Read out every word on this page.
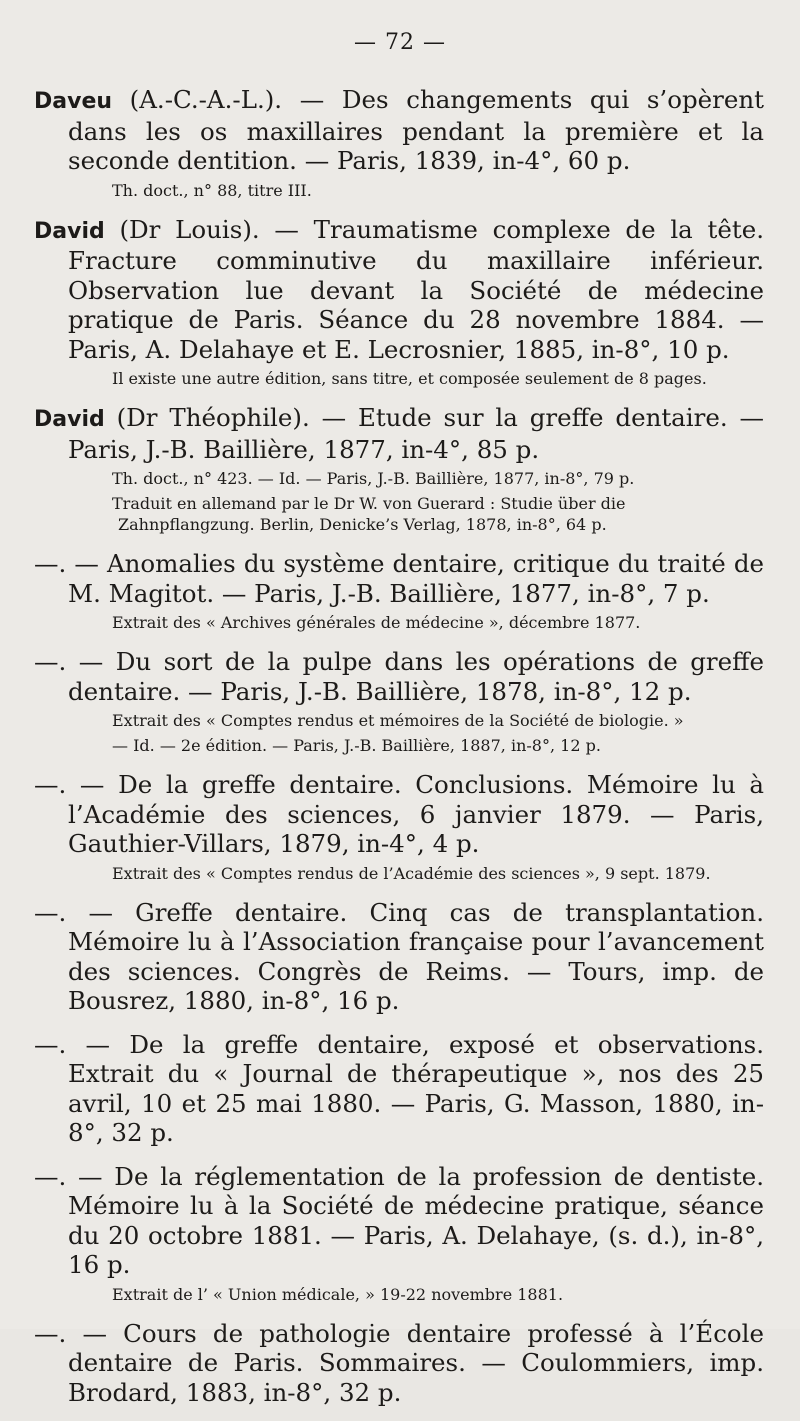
— 72 —

Daveu (A.-C.-A.-L.). — Des changements qui s’opèrent dans les os maxillaires pendant la première et la seconde dentition. — Paris, 1839, in-4°, 60 p.

Th. doct., n° 88, titre III.

David (Dr Louis). — Traumatisme complexe de la tête. Fracture comminutive du maxillaire inférieur. Observation lue devant la Société de médecine pratique de Paris. Séance du 28 novembre 1884. — Paris, A. Delahaye et E. Lecrosnier, 1885, in-8°, 10 p.

Il existe une autre édition, sans titre, et composée seulement de 8 pages.

David (Dr Théophile). — Etude sur la greffe dentaire. — Paris, J.-B. Baillière, 1877, in-4°, 85 p.

Th. doct., n° 423. — Id. — Paris, J.-B. Baillière, 1877, in-8°, 79 p.

Traduit en allemand par le Dr W. von Guerard : Studie über die Zahnpflangzung. Berlin, Denicke’s Verlag, 1878, in-8°, 64 p.

—. — Anomalies du système dentaire, critique du traité de M. Magitot. — Paris, J.-B. Baillière, 1877, in-8°, 7 p.

Extrait des « Archives générales de médecine », décembre 1877.

—. — Du sort de la pulpe dans les opérations de greffe dentaire. — Paris, J.-B. Baillière, 1878, in-8°, 12 p.

Extrait des « Comptes rendus et mémoires de la Société de biologie. »

— Id. — 2e édition. — Paris, J.-B. Baillière, 1887, in-8°, 12 p.

—. — De la greffe dentaire. Conclusions. Mémoire lu à l’Académie des sciences, 6 janvier 1879. — Paris, Gauthier-Villars, 1879, in-4°, 4 p.

Extrait des « Comptes rendus de l’Académie des sciences », 9 sept. 1879.

—. — Greffe dentaire. Cinq cas de transplantation. Mémoire lu à l’Association française pour l’avancement des sciences. Congrès de Reims. — Tours, imp. de Bousrez, 1880, in-8°, 16 p.

—. — De la greffe dentaire, exposé et observations. Extrait du « Journal de thérapeutique », nos des 25 avril, 10 et 25 mai 1880. — Paris, G. Masson, 1880, in-8°, 32 p.

—. — De la réglementation de la profession de dentiste. Mémoire lu à la Société de médecine pratique, séance du 20 octobre 1881. — Paris, A. Delahaye, (s. d.), in-8°, 16 p.

Extrait de l’ « Union médicale, » 19-22 novembre 1881.

—. — Cours de pathologie dentaire professé à l’École dentaire de Paris. Sommaires. — Coulommiers, imp. Brodard, 1883, in-8°, 32 p.
